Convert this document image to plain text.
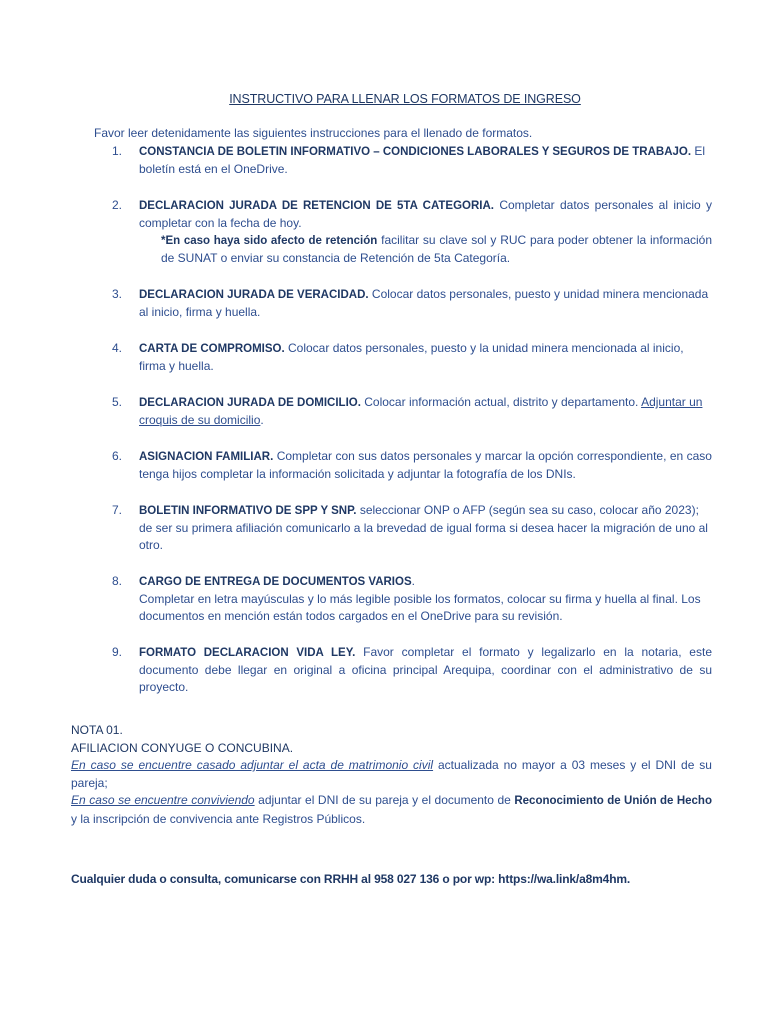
INSTRUCTIVO PARA LLENAR LOS FORMATOS DE INGRESO
Favor leer detenidamente las siguientes instrucciones para el llenado de formatos.
1. CONSTANCIA DE BOLETIN INFORMATIVO – CONDICIONES LABORALES Y SEGUROS DE TRABAJO. El boletín está en el OneDrive.
2. DECLARACION JURADA DE RETENCION DE 5TA CATEGORIA. Completar datos personales al inicio y completar con la fecha de hoy.
*En caso haya sido afecto de retención facilitar su clave sol y RUC para poder obtener la información de SUNAT o enviar su constancia de Retención de 5ta Categoría.
3. DECLARACION JURADA DE VERACIDAD. Colocar datos personales, puesto y unidad minera mencionada al inicio, firma y huella.
4. CARTA DE COMPROMISO. Colocar datos personales, puesto y la unidad minera mencionada al inicio, firma y huella.
5. DECLARACION JURADA DE DOMICILIO. Colocar información actual, distrito y departamento. Adjuntar un croquis de su domicilio.
6. ASIGNACION FAMILIAR. Completar con sus datos personales y marcar la opción correspondiente, en caso tenga hijos completar la información solicitada y adjuntar la fotografía de los DNIs.
7. BOLETIN INFORMATIVO DE SPP Y SNP. seleccionar ONP o AFP (según sea su caso, colocar año 2023); de ser su primera afiliación comunicarlo a la brevedad de igual forma si desea hacer la migración de uno al otro.
8. CARGO DE ENTREGA DE DOCUMENTOS VARIOS.
Completar en letra mayúsculas y lo más legible posible los formatos, colocar su firma y huella al final. Los documentos en mención están todos cargados en el OneDrive para su revisión.
9. FORMATO DECLARACION VIDA LEY. Favor completar el formato y legalizarlo en la notaria, este documento debe llegar en original a oficina principal Arequipa, coordinar con el administrativo de su proyecto.
NOTA 01.
AFILIACION CONYUGE O CONCUBINA.
En caso se encuentre casado adjuntar el acta de matrimonio civil actualizada no mayor a 03 meses y el DNI de su pareja;
En caso se encuentre conviviendo adjuntar el DNI de su pareja y el documento de Reconocimiento de Unión de Hecho y la inscripción de convivencia ante Registros Públicos.
Cualquier duda o consulta, comunicarse con RRHH al 958 027 136 o por wp: https://wa.link/a8m4hm.
